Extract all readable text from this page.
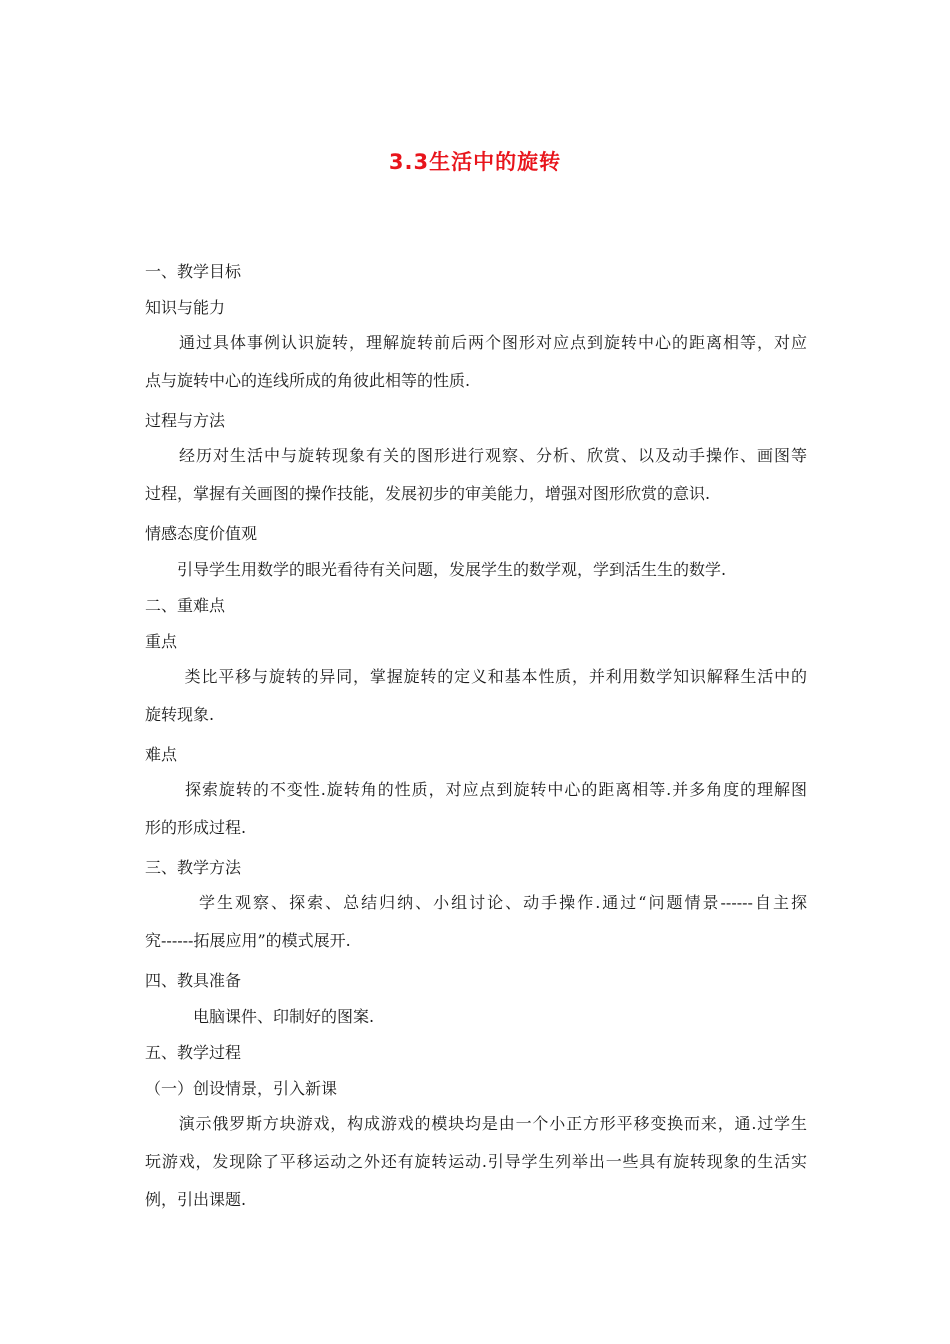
3.3生活中的旋转
一、教学目标
知识与能力
　　通过具体事例认识旋转，理解旋转前后两个图形对应点到旋转中心的距离相等，对应
点与旋转中心的连线所成的角彼此相等的性质.
过程与方法
　　经历对生活中与旋转现象有关的图形进行观察、分析、欣赏、以及动手操作、画图等
过程，掌握有关画图的操作技能，发展初步的审美能力，增强对图形欣赏的意识.
情感态度价值观
　　引导学生用数学的眼光看待有关问题，发展学生的数学观，学到活生生的数学.
二、重难点
重点
　　 类比平移与旋转的异同，掌握旋转的定义和基本性质，并利用数学知识解释生活中的
旋转现象.
难点
　　 探索旋转的不变性.旋转角的性质，对应点到旋转中心的距离相等.并多角度的理解图
形的形成过程.
三、教学方法
　　　学生观察、探索、总结归纳、小组讨论、动手操作.通过“问题情景------自主探
究------拓展应用”的模式展开.
四、教具准备
　　　电脑课件、印制好的图案.
五、教学过程
（一）创设情景，引入新课
　　演示俄罗斯方块游戏，构成游戏的模块均是由一个小正方形平移变换而来，通.过学生
玩游戏，发现除了平移运动之外还有旋转运动.引导学生列举出一些具有旋转现象的生活实
例，引出课题.
